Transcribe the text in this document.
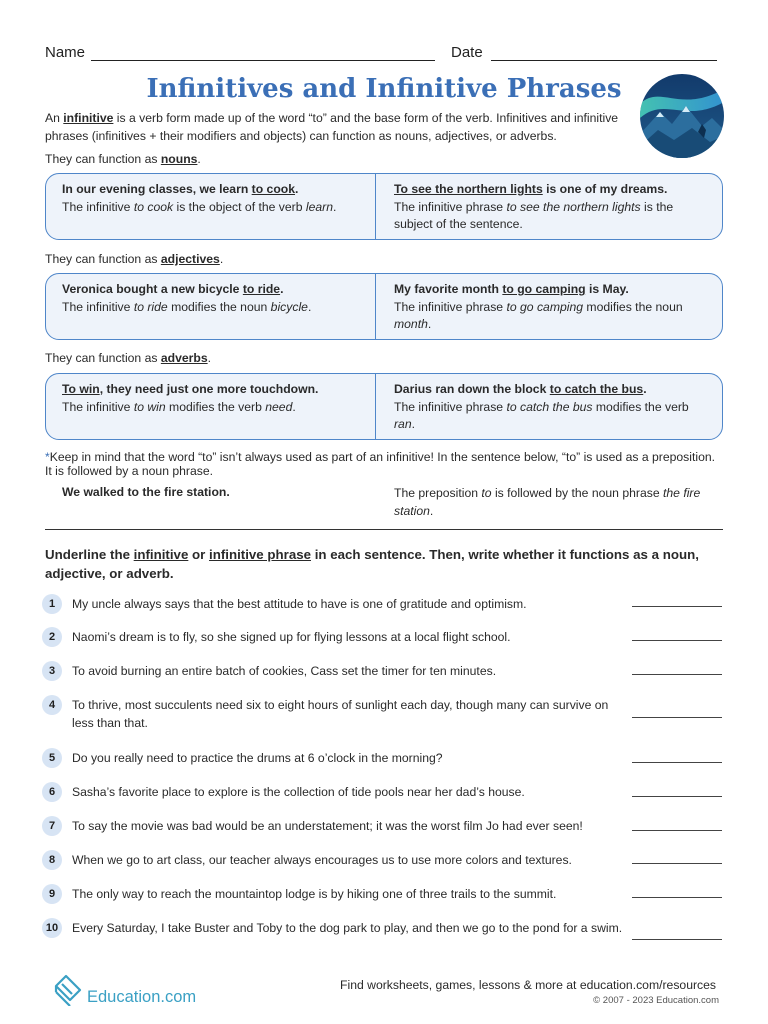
Name	Date
Infinitives and Infinitive Phrases
An infinitive is a verb form made up of the word “to” and the base form of the verb. Infinitives and infinitive phrases (infinitives + their modifiers and objects) can function as nouns, adjectives, or adverbs.
They can function as nouns.
In our evening classes, we learn to cook.
The infinitive to cook is the object of the verb learn.
To see the northern lights is one of my dreams.
The infinitive phrase to see the northern lights is the subject of the sentence.
They can function as adjectives.
Veronica bought a new bicycle to ride.
The infinitive to ride modifies the noun bicycle.
My favorite month to go camping is May.
The infinitive phrase to go camping modifies the noun month.
They can function as adverbs.
To win, they need just one more touchdown.
The infinitive to win modifies the verb need.
Darius ran down the block to catch the bus.
The infinitive phrase to catch the bus modifies the verb ran.
*Keep in mind that the word “to” isn’t always used as part of an infinitive! In the sentence below, “to” is used as a preposition. It is followed by a noun phrase.
We walked to the fire station.	The preposition to is followed by the noun phrase the fire station.
Underline the infinitive or infinitive phrase in each sentence. Then, write whether it functions as a noun, adjective, or adverb.
1	My uncle always says that the best attitude to have is one of gratitude and optimism.
2	Naomi’s dream is to fly, so she signed up for flying lessons at a local flight school.
3	To avoid burning an entire batch of cookies, Cass set the timer for ten minutes.
4	To thrive, most succulents need six to eight hours of sunlight each day, though many can survive on less than that.
5	Do you really need to practice the drums at 6 o’clock in the morning?
6	Sasha’s favorite place to explore is the collection of tide pools near her dad’s house.
7	To say the movie was bad would be an understatement; it was the worst film Jo had ever seen!
8	When we go to art class, our teacher always encourages us to use more colors and textures.
9	The only way to reach the mountaintop lodge is by hiking one of three trails to the summit.
10	Every Saturday, I take Buster and Toby to the dog park to play, and then we go to the pond for a swim.
Education.com
Find worksheets, games, lessons & more at education.com/resources
© 2007 - 2023 Education.com
